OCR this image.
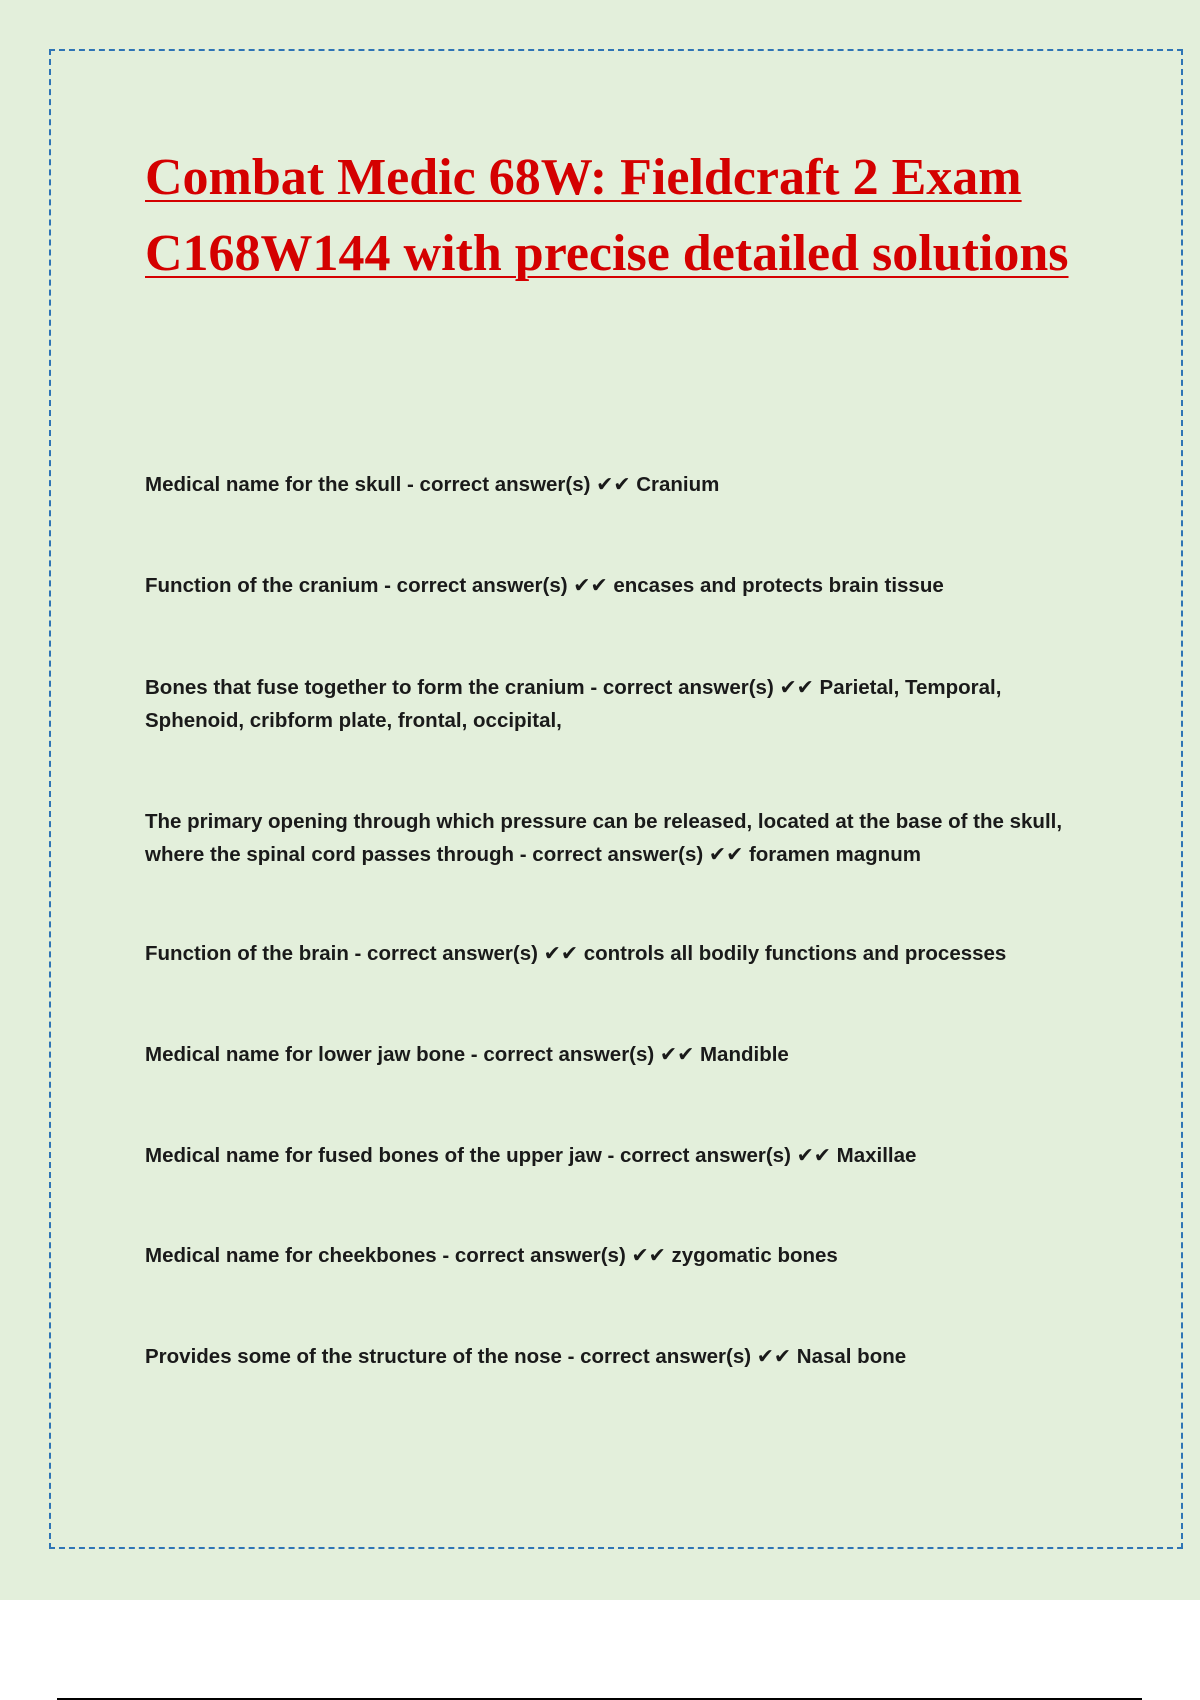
Combat Medic 68W: Fieldcraft 2 Exam C168W144 with precise detailed solutions
Medical name for the skull - correct answer(s) ✔✔ Cranium
Function of the cranium - correct answer(s) ✔✔ encases and protects brain tissue
Bones that fuse together to form the cranium - correct answer(s) ✔✔ Parietal, Temporal, Sphenoid, cribform plate, frontal, occipital,
The primary opening through which pressure can be released, located at the base of the skull, where the spinal cord passes through - correct answer(s) ✔✔ foramen magnum
Function of the brain - correct answer(s) ✔✔ controls all bodily functions and processes
Medical name for lower jaw bone - correct answer(s) ✔✔ Mandible
Medical name for fused bones of the upper jaw - correct answer(s) ✔✔ Maxillae
Medical name for cheekbones - correct answer(s) ✔✔ zygomatic bones
Provides some of the structure of the nose - correct answer(s) ✔✔ Nasal bone
